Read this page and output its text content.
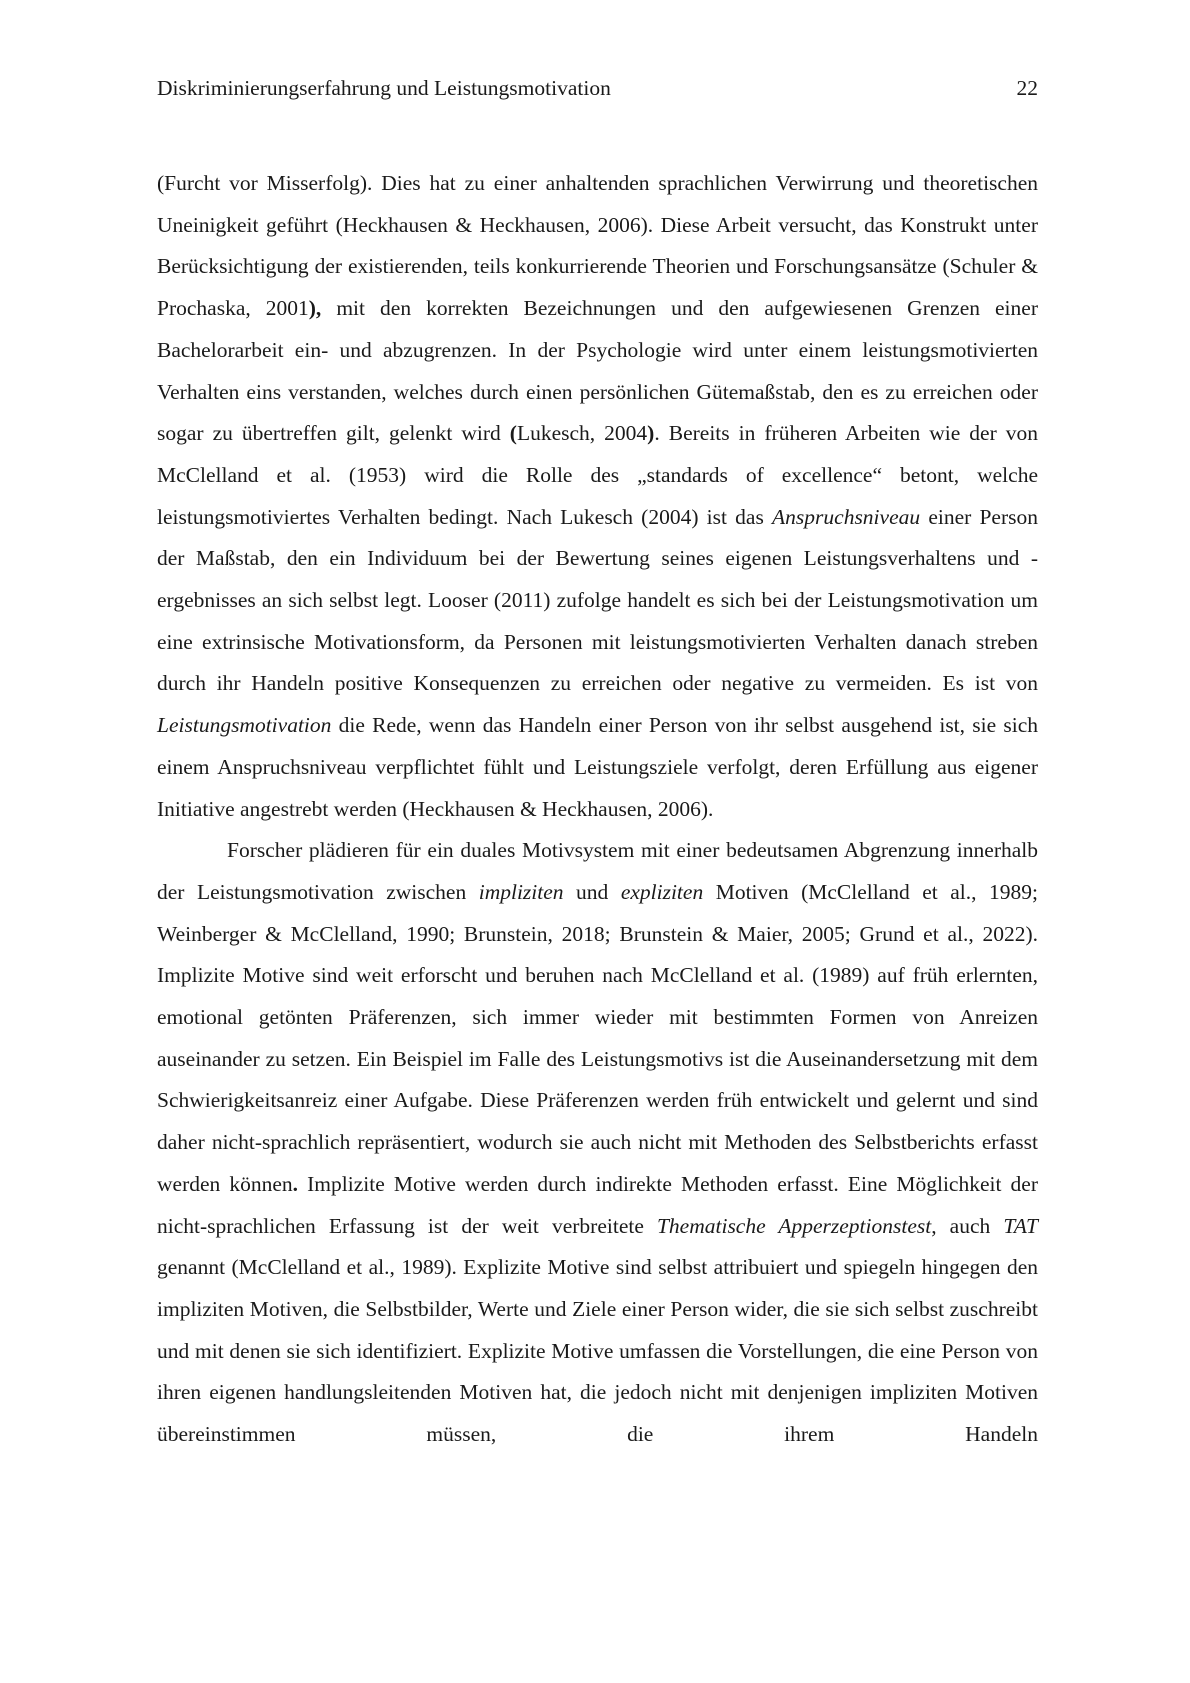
Diskriminierungserfahrung und Leistungsmotivation	22

(Furcht vor Misserfolg). Dies hat zu einer anhaltenden sprachlichen Verwirrung und theoretischen Uneinigkeit geführt (Heckhausen & Heckhausen, 2006). Diese Arbeit versucht, das Konstrukt unter Berücksichtigung der existierenden, teils konkurrierende Theorien und Forschungsansätze (Schuler & Prochaska, 2001), mit den korrekten Bezeichnungen und den aufgewiesenen Grenzen einer Bachelorarbeit ein- und abzugrenzen. In der Psychologie wird unter einem leistungsmotivierten Verhalten eins verstanden, welches durch einen persönlichen Gütemaßstab, den es zu erreichen oder sogar zu übertreffen gilt, gelenkt wird (Lukesch, 2004). Bereits in früheren Arbeiten wie der von McClelland et al. (1953) wird die Rolle des „standards of excellence“ betont, welche leistungsmotiviertes Verhalten bedingt. Nach Lukesch (2004) ist das Anspruchsniveau einer Person der Maßstab, den ein Individuum bei der Bewertung seines eigenen Leistungsverhaltens und -ergebnisses an sich selbst legt. Looser (2011) zufolge handelt es sich bei der Leistungsmotivation um eine extrinsische Motivationsform, da Personen mit leistungsmotivierten Verhalten danach streben durch ihr Handeln positive Konsequenzen zu erreichen oder negative zu vermeiden. Es ist von Leistungsmotivation die Rede, wenn das Handeln einer Person von ihr selbst ausgehend ist, sie sich einem Anspruchsniveau verpflichtet fühlt und Leistungsziele verfolgt, deren Erfüllung aus eigener Initiative angestrebt werden (Heckhausen & Heckhausen, 2006).

Forscher plädieren für ein duales Motivsystem mit einer bedeutsamen Abgrenzung innerhalb der Leistungsmotivation zwischen impliziten und expliziten Motiven (McClelland et al., 1989; Weinberger & McClelland, 1990; Brunstein, 2018; Brunstein & Maier, 2005; Grund et al., 2022). Implizite Motive sind weit erforscht und beruhen nach McClelland et al. (1989) auf früh erlernten, emotional getönten Präferenzen, sich immer wieder mit bestimmten Formen von Anreizen auseinander zu setzen. Ein Beispiel im Falle des Leistungsmotivs ist die Auseinandersetzung mit dem Schwierigkeitsanreiz einer Aufgabe. Diese Präferenzen werden früh entwickelt und gelernt und sind daher nicht-sprachlich repräsentiert, wodurch sie auch nicht mit Methoden des Selbstberichts erfasst werden können. Implizite Motive werden durch indirekte Methoden erfasst. Eine Möglichkeit der nicht-sprachlichen Erfassung ist der weit verbreitete Thematische Apperzeptionstest, auch TAT genannt (McClelland et al., 1989). Explizite Motive sind selbst attribuiert und spiegeln hingegen den impliziten Motiven, die Selbstbilder, Werte und Ziele einer Person wider, die sie sich selbst zuschreibt und mit denen sie sich identifiziert. Explizite Motive umfassen die Vorstellungen, die eine Person von ihren eigenen handlungsleitenden Motiven hat, die jedoch nicht mit denjenigen impliziten Motiven übereinstimmen müssen, die ihrem Handeln
